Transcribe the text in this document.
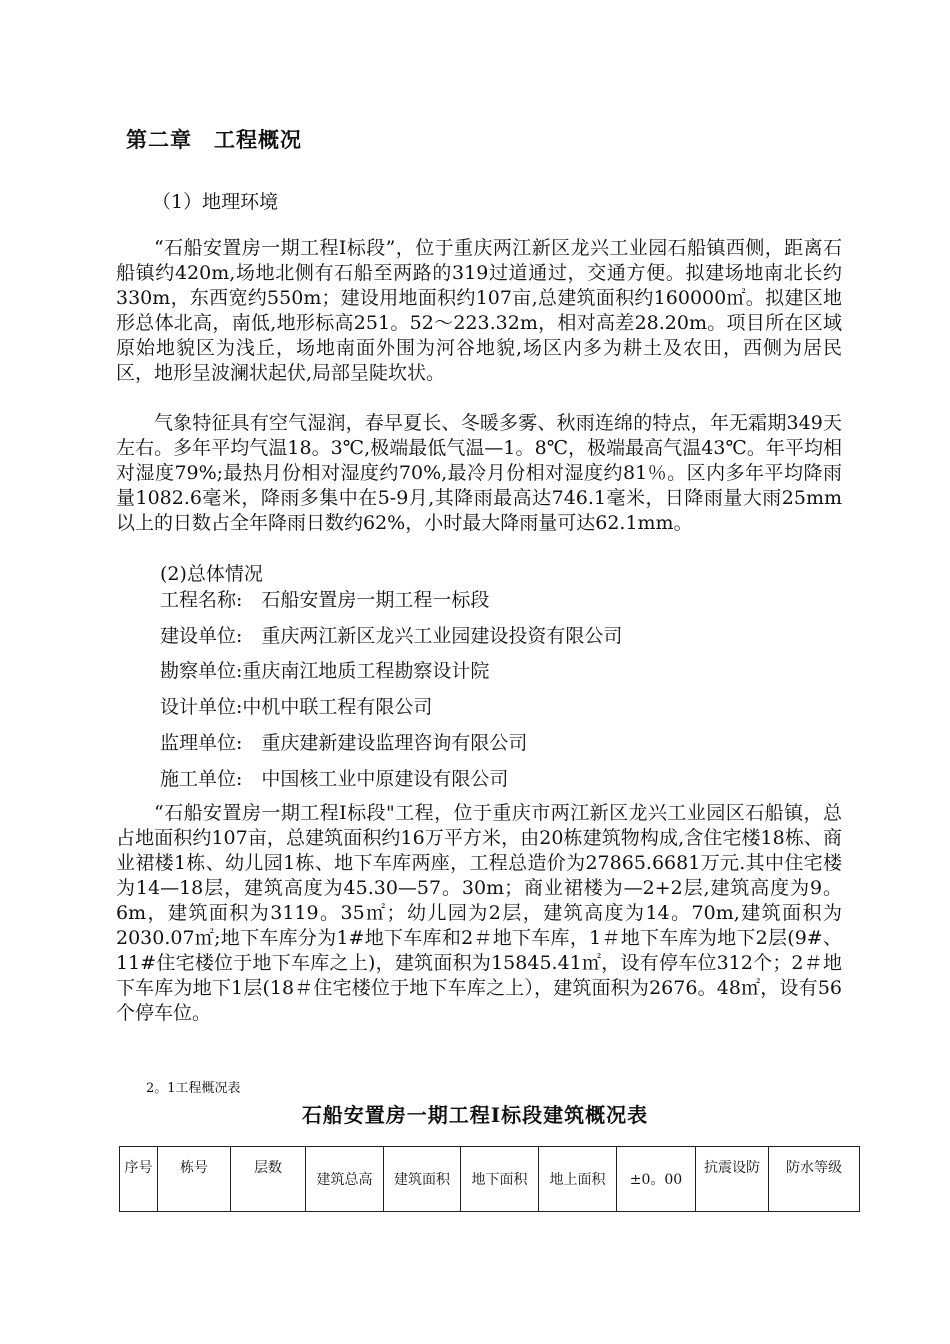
第二章　工程概况
（1）地理环境
“石船安置房一期工程Ⅰ标段”，位于重庆两江新区龙兴工业园石船镇西侧，距离石船镇约420m,场地北侧有石船至两路的319过道通过，交通方便。拟建场地南北长约330m，东西宽约550m；建设用地面积约107亩,总建筑面积约160000㎡。拟建区地形总体北高，南低,地形标高251。52～223.32m，相对高差28.20m。项目所在区域原始地貌区为浅丘，场地南面外围为河谷地貌,场区内多为耕土及农田，西侧为居民区，地形呈波澜状起伏,局部呈陡坎状。
气象特征具有空气湿润，春早夏长、冬暖多雾、秋雨连绵的特点，年无霜期349天左右。多年平均气温18。3℃,极端最低气温—1。8℃，极端最高气温43℃。年平均相对湿度79%;最热月份相对湿度约70%,最冷月份相对湿度约81％。区内多年平均降雨量1082.6毫米，降雨多集中在5-9月,其降雨最高达746.1毫米，日降雨量大雨25mm以上的日数占全年降雨日数约62%，小时最大降雨量可达62.1mm。
(2)总体情况
工程名称:　石船安置房一期工程一标段
建设单位:　重庆两江新区龙兴工业园建设投资有限公司
勘察单位:重庆南江地质工程勘察设计院
设计单位:中机中联工程有限公司
监理单位:　重庆建新建设监理咨询有限公司
施工单位:　中国核工业中原建设有限公司
“石船安置房一期工程Ⅰ标段"工程，位于重庆市两江新区龙兴工业园区石船镇，总占地面积约107亩，总建筑面积约16万平方米，由20栋建筑物构成,含住宅楼18栋、商业裙楼1栋、幼儿园1栋、地下车库两座，工程总造价为27865.6681万元.其中住宅楼为14—18层，建筑高度为45.30—57。30m；商业裙楼为—2+2层,建筑高度为9。6m，建筑面积为3119。35㎡；幼儿园为2层，建筑高度为14。70m,建筑面积为2030.07㎡;地下车库分为1#地下车库和2＃地下车库，1＃地下车库为地下2层(9#、11#住宅楼位于地下车库之上)，建筑面积为15845.41㎡，设有停车位312个；2＃地下车库为地下1层(18＃住宅楼位于地下车库之上），建筑面积为2676。48㎡，设有56个停车位。
2。1工程概况表
石船安置房一期工程Ⅰ标段建筑概况表
序号	栋号	层数	建筑总高	建筑面积	地下面积	地上面积	±0。00	抗震设防	防水等级
